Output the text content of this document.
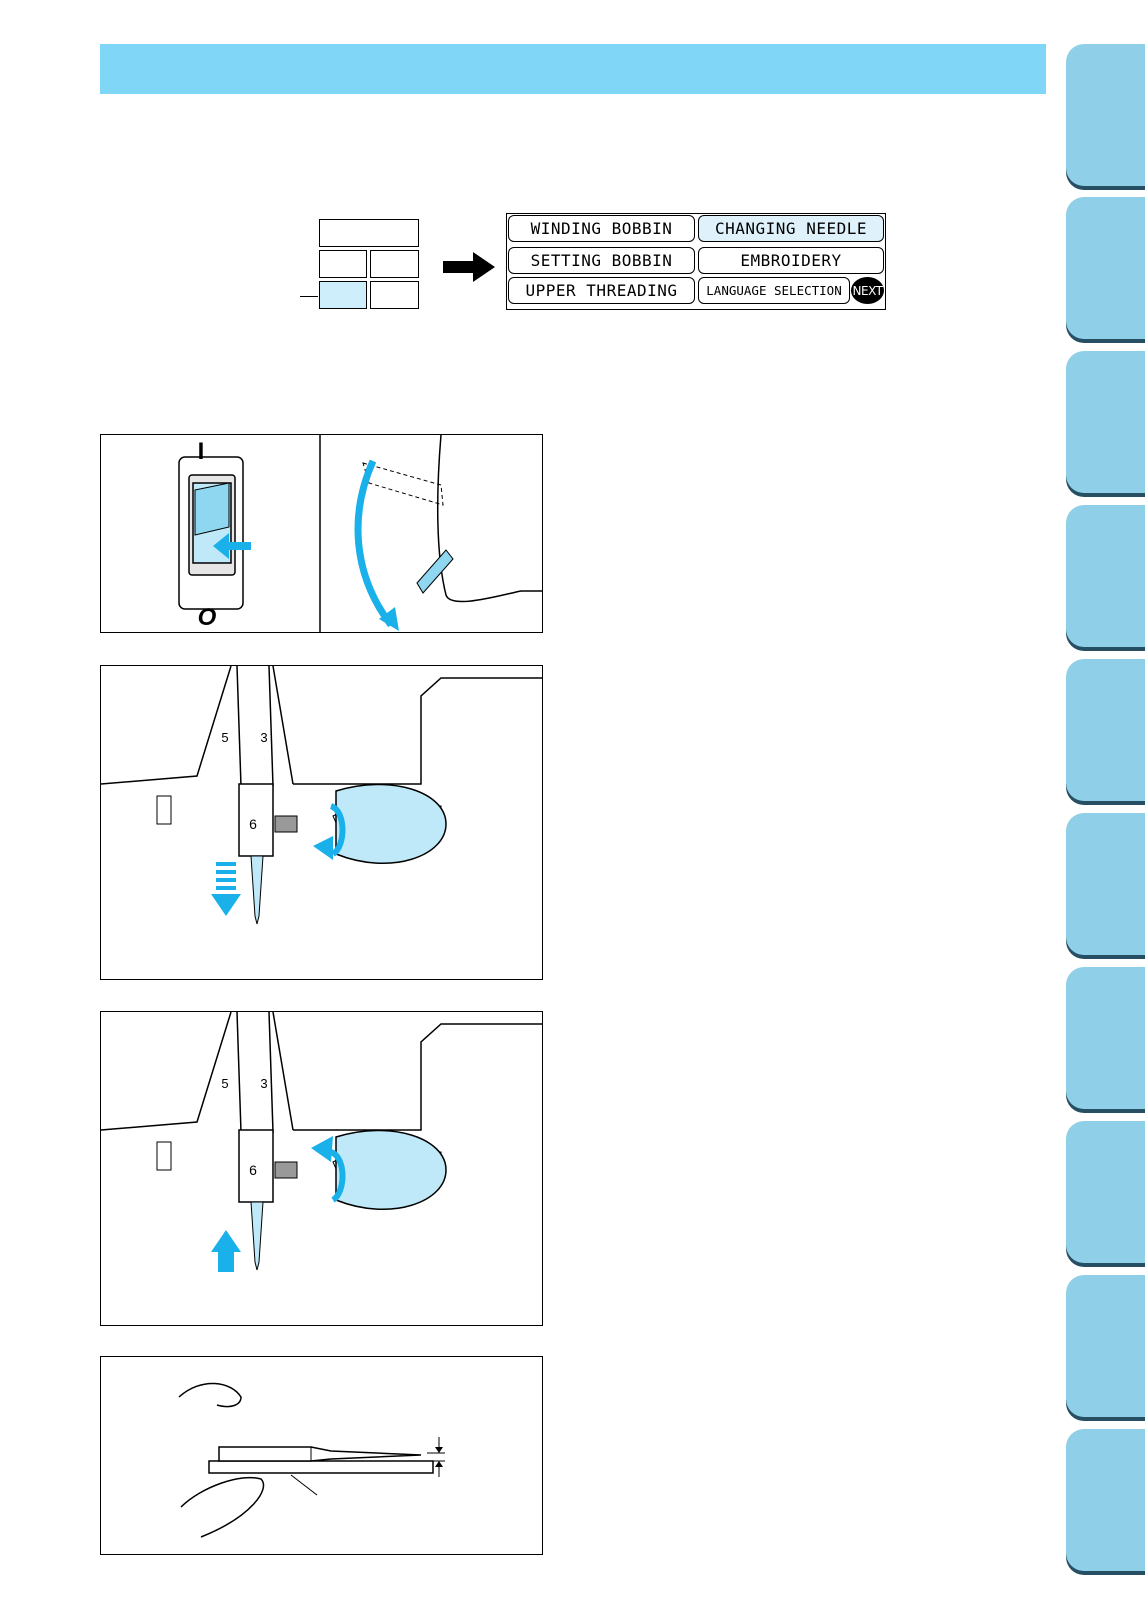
WINDING BOBBIN	CHANGING NEEDLE
SETTING BOBBIN	EMBROIDERY
UPPER THREADING	LANGUAGE SELECTION NEXT
I
O
5 3
6
5 3
6
